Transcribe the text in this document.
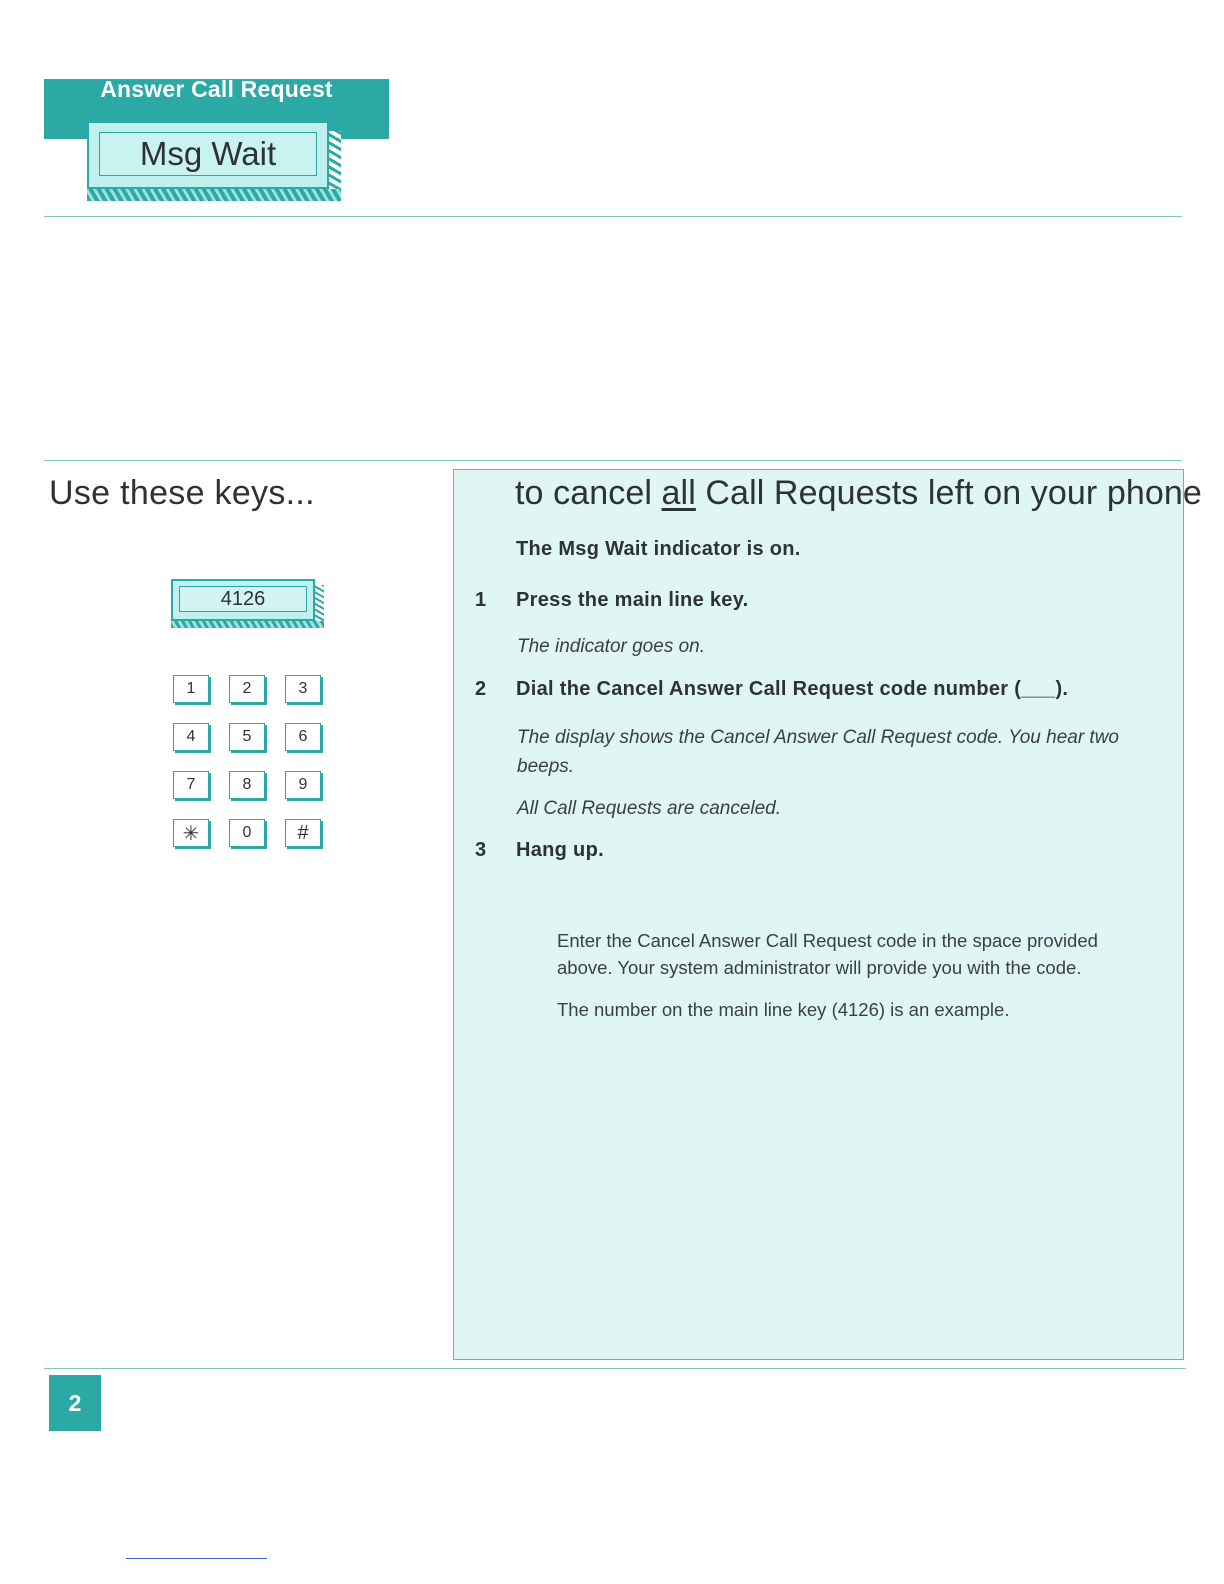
Answer Call Request
Msg Wait
Use these keys...
4126
1	2	3
4	5	6
7	8	9
✳	0	#
to cancel all Call Requests left on your phone
The Msg Wait indicator is on.
1 Press the main line key.
The indicator goes on.
2 Dial the Cancel Answer Call Request code number (___).
The display shows the Cancel Answer Call Request code. You hear two beeps.
All Call Requests are canceled.
3 Hang up.
Enter the Cancel Answer Call Request code in the space provided above. Your system administrator will provide you with the code.
The number on the main line key (4126) is an example.
2
